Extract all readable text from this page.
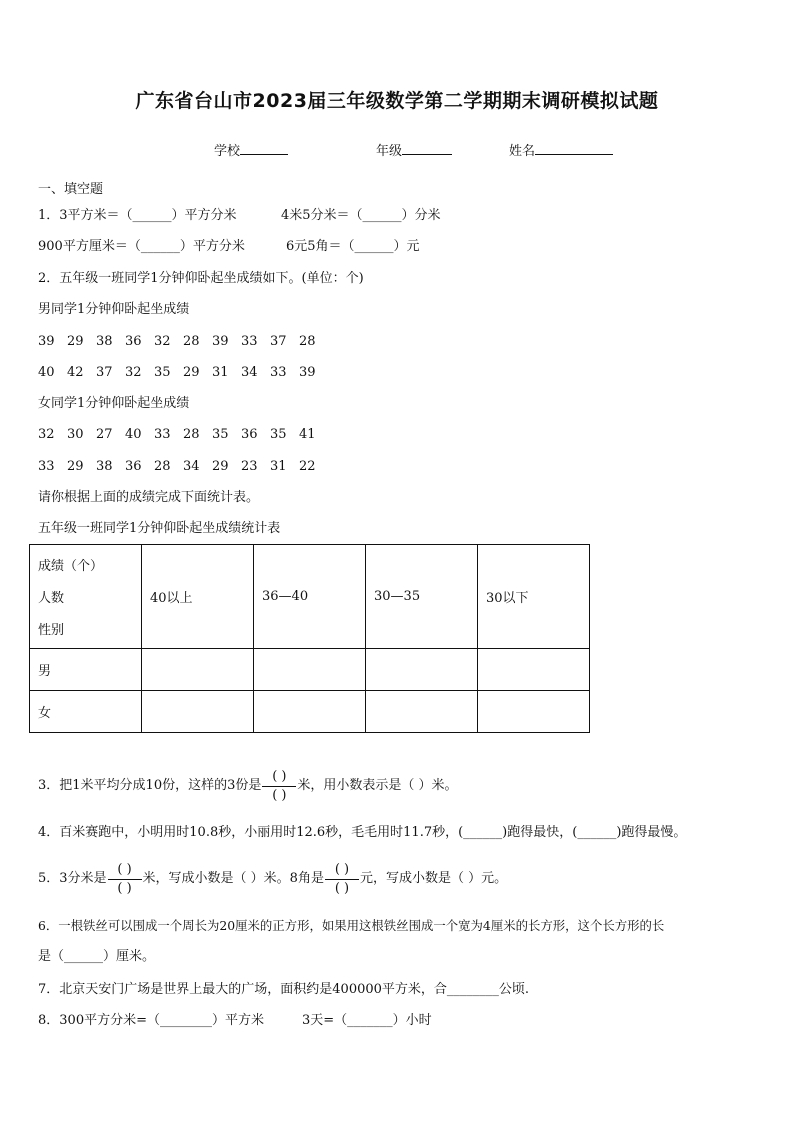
广东省台山市2023届三年级数学第二学期期末调研模拟试题
学校	年级	姓名
一、填空题
1．3平方米＝（______）平方分米	4米5分米＝（______）分米
900平方厘米＝（______）平方分米	6元5角＝（______）元
2．五年级一班同学1分钟仰卧起坐成绩如下。(单位：个)
男同学1分钟仰卧起坐成绩
39 29 38 36 32 28 39 33 37 28
40 42 37 32 35 29 31 34 33 39
女同学1分钟仰卧起坐成绩
32 30 27 40 33 28 35 36 35 41
33 29 38 36 28 34 29 23 31 22
请你根据上面的成绩完成下面统计表。
五年级一班同学1分钟仰卧起坐成绩统计表
成绩（个）
人数
性别	40以上	36—40	30—35	30以下
男				
女				
3．把1米平均分成10份，这样的3份是 $\frac{( )}{( )}$ 米，用小数表示是（ ）米。
4．百米赛跑中，小明用时10.8秒，小丽用时12.6秒，毛毛用时11.7秒，(______)跑得最快，(______)跑得最慢。
5．3分米是 $\frac{( )}{( )}$ 米，写成小数是（ ）米。8角是 $\frac{( )}{( )}$ 元，写成小数是（ ）元。
6．一根铁丝可以围成一个周长为20厘米的正方形，如果用这根铁丝围成一个宽为4厘米的长方形，这个长方形的长
是（______）厘米。
7．北京天安门广场是世界上最大的广场，面积约是400000平方米，合________公顷.
8．300平方分米=（________）平方米	3天=（_______）小时
